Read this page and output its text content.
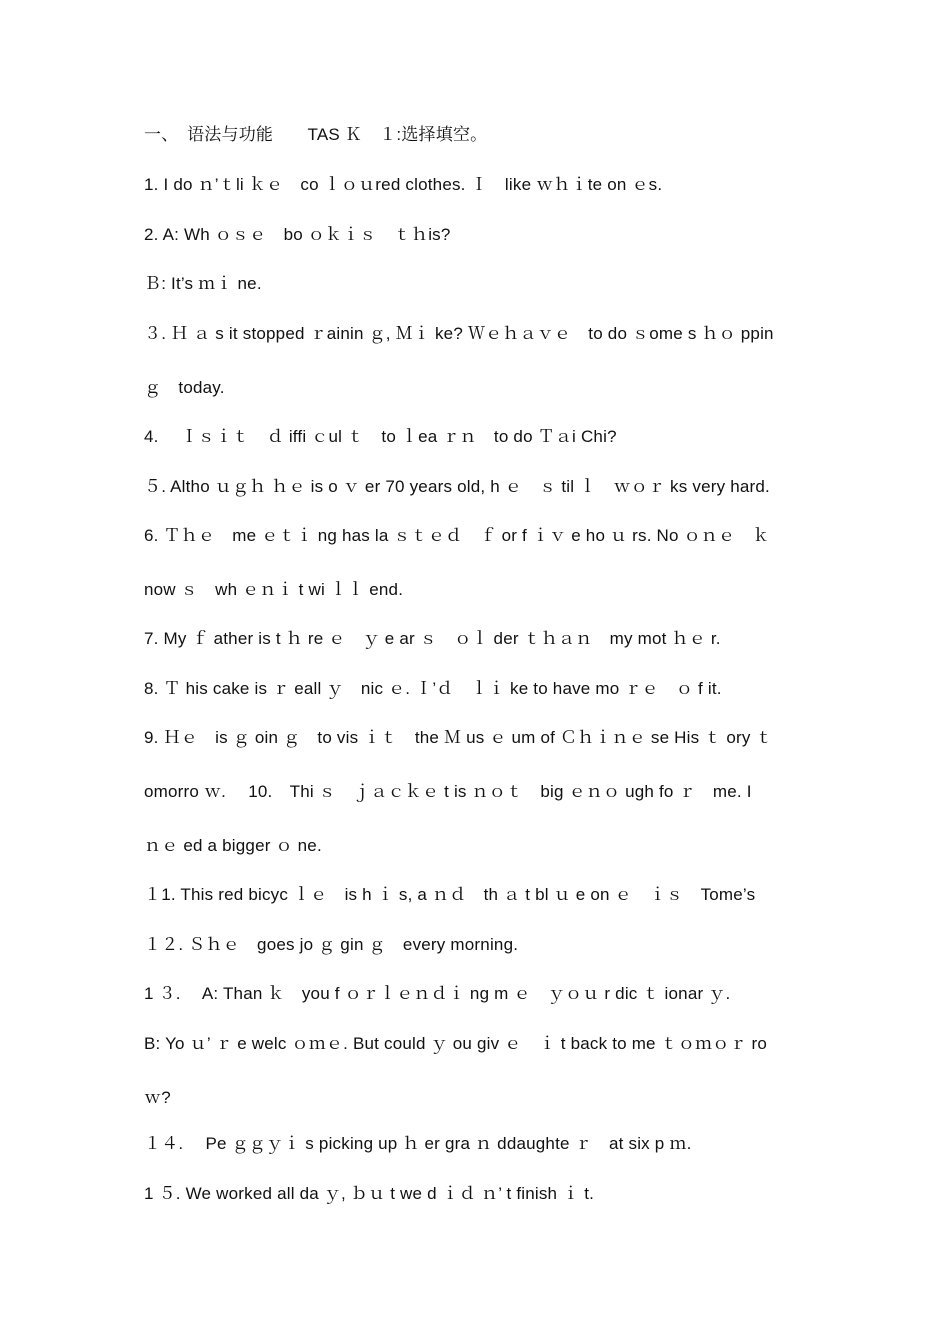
一、　语法与功能　　TAS Ｋ　１:选择填空。
1. I do ｎ’ｔli ｋｅ　co ｌｏｕred clothes. Ｉ　like ｗｈｉte on ｅs.
2. A: Wh ｏｓｅ　bo ｏｋｉｓ　ｔｈis?
Ｂ: It’s ｍｉ ne.
３. Ｈ ａ s it stopped ｒainin ｇ, Ｍｉ ke? Ｗｅｈａｖｅ　to do ｓome s ｈｏ ppin
ｇ　today.
4.　 Ｉｓｉｔ　ｄ iffi ｃul ｔ　to ｌea ｒｎ　to do Ｔａi Chi?
５. Altho ｕｇｈ ｈｅ is o ｖ er 70 years old, h ｅ　ｓ til ｌ　ｗｏｒ ks very hard.
6. Ｔｈｅ　me ｅｔｉ ng has la ｓｔｅｄ　ｆ or f ｉｖ e ho ｕ rs. No ｏｎｅ　ｋ
now ｓ　wh ｅｎｉ t wi ｌｌ end.
7. My ｆ ather is t ｈ re ｅ　ｙ e ar ｓ　ｏｌ der ｔｈａｎ　my mot ｈｅ r.
8. Ｔ his cake is ｒ eall ｙ　nic ｅ. Ｉ’ｄ　ｌｉ ke to have mo ｒｅ　ｏ f it.
9. Ｈｅ　is ｇ oin ｇ　to vis ｉｔ　the Ｍ us ｅ um of Ｃｈｉｎｅ se His ｔ ory ｔ
omorro ｗ.　 10.　Thi ｓ　ｊａｃｋｅ t is ｎｏｔ　big ｅｎｏ ugh fo ｒ　me. I
ｎｅ ed a bigger ｏ ne.
１1. This red bicyc ｌｅ　is h ｉ s, a ｎｄ　th ａ t bl ｕ e on ｅ　ｉｓ　Tome’s
１２. Ｓｈｅ　goes jo ｇ gin ｇ　every morning.
1 ３.　 A: Than ｋ　you f ｏｒｌｅｎｄｉ ng m ｅ　ｙｏｕ r dic ｔ ionar ｙ.
B: Yo ｕ’ ｒ e welc ｏｍｅ. But could ｙ ou giv ｅ　ｉ t back to me ｔｏｍｏｒ ro
ｗ?
１４.　 Pe ｇｇｙｉ s picking up ｈ er gra ｎ ddaughte ｒ　at six p ｍ.
1 ５. We worked all da ｙ, ｂｕ t we d ｉｄ ｎ’ t finish ｉ t.
